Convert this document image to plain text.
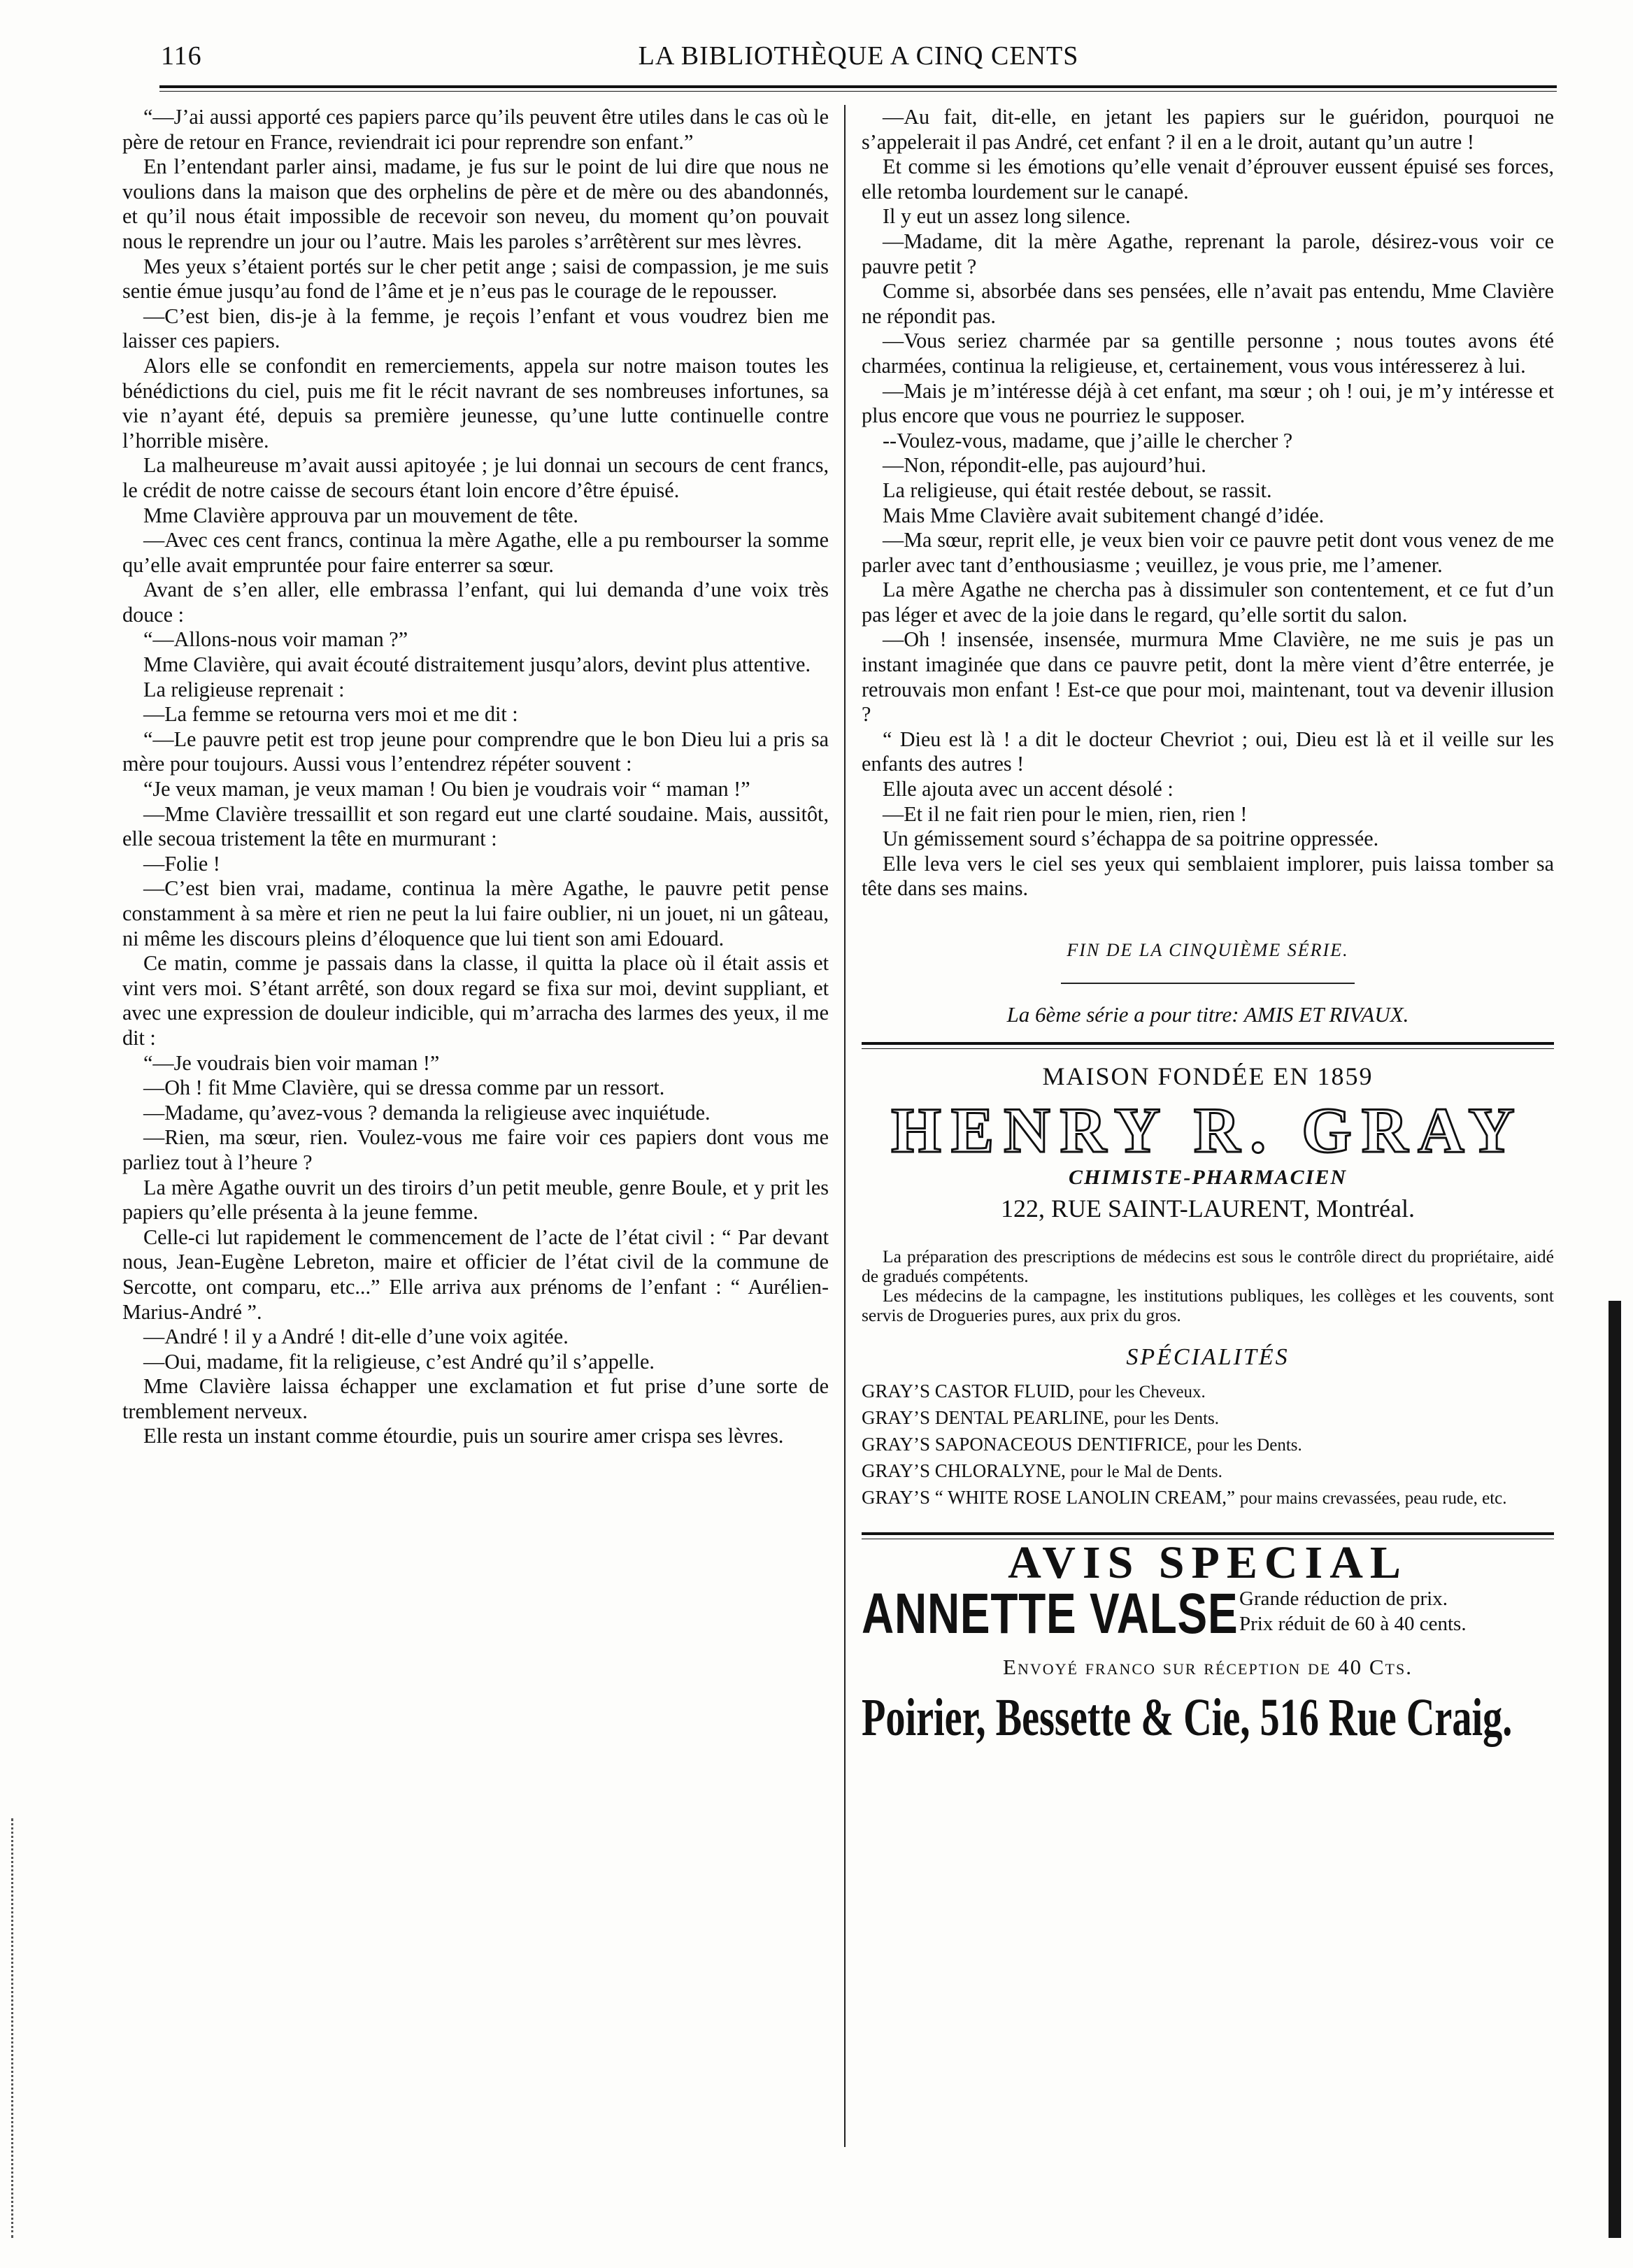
116	LA BIBLIOTHÈQUE A CINQ CENTS

“—J’ai aussi apporté ces papiers parce qu’ils peuvent être utiles dans le cas où le père de retour en France, reviendrait ici pour reprendre son enfant.”

En l’entendant parler ainsi, madame, je fus sur le point de lui dire que nous ne voulions dans la maison que des orphelins de père et de mère ou des abandonnés, et qu’il nous était impossible de recevoir son neveu, du moment qu’on pouvait nous le reprendre un jour ou l’autre. Mais les paroles s’arrêtèrent sur mes lèvres.

Mes yeux s’étaient portés sur le cher petit ange ; saisi de compassion, je me suis sentie émue jusqu’au fond de l’âme et je n’eus pas le courage de le repousser.

—C’est bien, dis-je à la femme, je reçois l’enfant et vous voudrez bien me laisser ces papiers.

Alors elle se confondit en remerciements, appela sur notre maison toutes les bénédictions du ciel, puis me fit le récit navrant de ses nombreuses infortunes, sa vie n’ayant été, depuis sa première jeunesse, qu’une lutte continuelle contre l’horrible misère.

La malheureuse m’avait aussi apitoyée ; je lui donnai un secours de cent francs, le crédit de notre caisse de secours étant loin encore d’être épuisé.

Mme Clavière approuva par un mouvement de tête.

—Avec ces cent francs, continua la mère Agathe, elle a pu rembourser la somme qu’elle avait empruntée pour faire enterrer sa sœur.

Avant de s’en aller, elle embrassa l’enfant, qui lui demanda d’une voix très douce :

“—Allons-nous voir maman ?”

Mme Clavière, qui avait écouté distraitement jusqu’alors, devint plus attentive.

La religieuse reprenait :

—La femme se retourna vers moi et me dit :

“—Le pauvre petit est trop jeune pour comprendre que le bon Dieu lui a pris sa mère pour toujours. Aussi vous l’entendrez répéter souvent :

“Je veux maman, je veux maman ! Ou bien je voudrais voir “ maman !”

—Mme Clavière tressaillit et son regard eut une clarté soudaine. Mais, aussitôt, elle secoua tristement la tête en murmurant :

—Folie !

—C’est bien vrai, madame, continua la mère Agathe, le pauvre petit pense constamment à sa mère et rien ne peut la lui faire oublier, ni un jouet, ni un gâteau, ni même les discours pleins d’éloquence que lui tient son ami Edouard.

Ce matin, comme je passais dans la classe, il quitta la place où il était assis et vint vers moi. S’étant arrêté, son doux regard se fixa sur moi, devint suppliant, et avec une expression de douleur indicible, qui m’arracha des larmes des yeux, il me dit :

“—Je voudrais bien voir maman !”

—Oh ! fit Mme Clavière, qui se dressa comme par un ressort.

—Madame, qu’avez-vous ? demanda la religieuse avec inquiétude.

—Rien, ma sœur, rien. Voulez-vous me faire voir ces papiers dont vous me parliez tout à l’heure ?

La mère Agathe ouvrit un des tiroirs d’un petit meuble, genre Boule, et y prit les papiers qu’elle présenta à la jeune femme.

Celle-ci lut rapidement le commencement de l’acte de l’état civil : “ Par devant nous, Jean-Eugène Lebreton, maire et officier de l’état civil de la commune de Sercotte, ont comparu, etc...” Elle arriva aux prénoms de l’enfant : “ Aurélien-Marius-André ”.

—André ! il y a André ! dit-elle d’une voix agitée.

—Oui, madame, fit la religieuse, c’est André qu’il s’appelle.

Mme Clavière laissa échapper une exclamation et fut prise d’une sorte de tremblement nerveux.

Elle resta un instant comme étourdie, puis un sourire amer crispa ses lèvres.

—Au fait, dit-elle, en jetant les papiers sur le guéridon, pourquoi ne s’appelerait il pas André, cet enfant ? il en a le droit, autant qu’un autre !

Et comme si les émotions qu’elle venait d’éprouver eussent épuisé ses forces, elle retomba lourdement sur le canapé.

Il y eut un assez long silence.

—Madame, dit la mère Agathe, reprenant la parole, désirez-vous voir ce pauvre petit ?

Comme si, absorbée dans ses pensées, elle n’avait pas entendu, Mme Clavière ne répondit pas.

—Vous seriez charmée par sa gentille personne ; nous toutes avons été charmées, continua la religieuse, et, certainement, vous vous intéresserez à lui.

—Mais je m’intéresse déjà à cet enfant, ma sœur ; oh ! oui, je m’y intéresse et plus encore que vous ne pourriez le supposer.

--Voulez-vous, madame, que j’aille le chercher ?

—Non, répondit-elle, pas aujourd’hui.

La religieuse, qui était restée debout, se rassit.

Mais Mme Clavière avait subitement changé d’idée.

—Ma sœur, reprit elle, je veux bien voir ce pauvre petit dont vous venez de me parler avec tant d’enthousiasme ; veuillez, je vous prie, me l’amener.

La mère Agathe ne chercha pas à dissimuler son contentement, et ce fut d’un pas léger et avec de la joie dans le regard, qu’elle sortit du salon.

—Oh ! insensée, insensée, murmura Mme Clavière, ne me suis je pas un instant imaginée que dans ce pauvre petit, dont la mère vient d’être enterrée, je retrouvais mon enfant ! Est-ce que pour moi, maintenant, tout va devenir illusion ?

“ Dieu est là ! a dit le docteur Chevriot ; oui, Dieu est là et il veille sur les enfants des autres !

Elle ajouta avec un accent désolé :

—Et il ne fait rien pour le mien, rien, rien !

Un gémissement sourd s’échappa de sa poitrine oppressée.

Elle leva vers le ciel ses yeux qui semblaient implorer, puis laissa tomber sa tête dans ses mains.

FIN DE LA CINQUIÈME SÉRIE.
La 6ème série a pour titre: AMIS ET RIVAUX.
MAISON FONDÉE EN 1859
HENRY R. GRAY
CHIMISTE-PHARMACIEN
122, RUE SAINT-LAURENT, Montréal.

La préparation des prescriptions de médecins est sous le contrôle direct du propriétaire, aidé de gradués compétents.

Les médecins de la campagne, les institutions publiques, les collèges et les couvents, sont servis de Drogueries pures, aux prix du gros.

SPÉCIALITÉS
GRAY’S CASTOR FLUID, pour les Cheveux.
GRAY’S DENTAL PEARLINE, pour les Dents.
GRAY’S SAPONACEOUS DENTIFRICE, pour les Dents.
GRAY’S CHLORALYNE, pour le Mal de Dents.
GRAY’S “ WHITE ROSE LANOLIN CREAM,” pour mains crevassées, peau rude, etc.
AVIS SPECIAL
ANNETTE VALSE Grande réduction de prix.
Prix réduit de 60 à 40 cents.
Envoyé franco sur réception de 40 Cts.
Poirier, Bessette & Cie, 516 Rue Craig.
